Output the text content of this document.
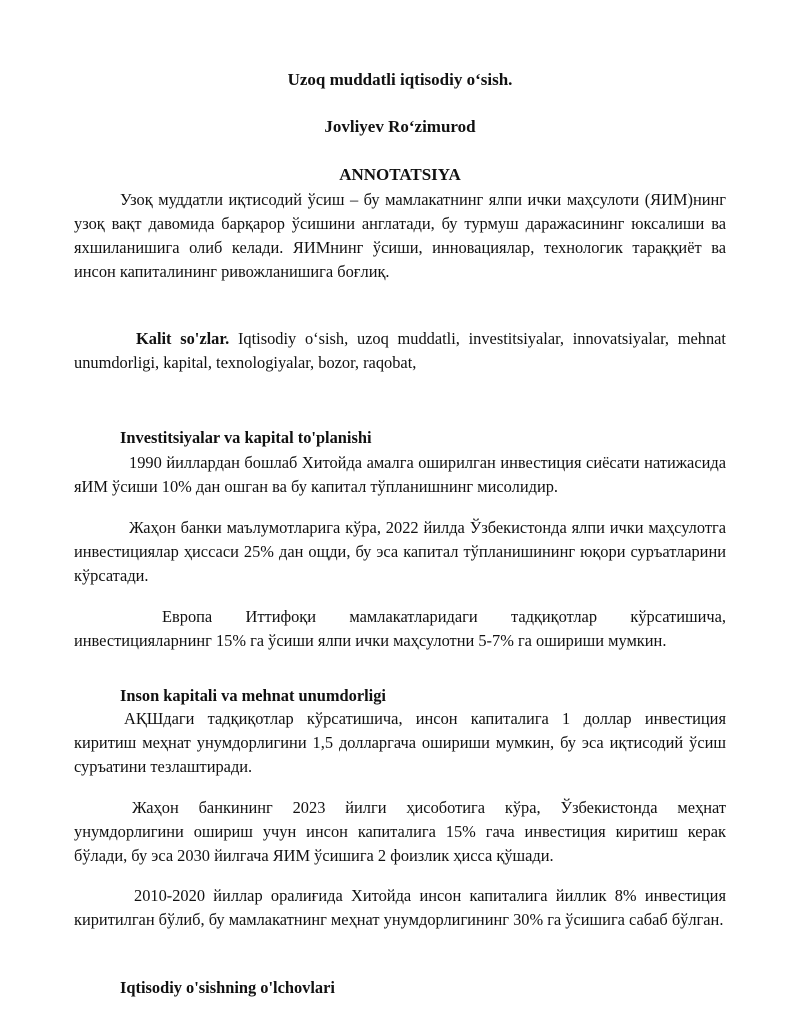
Uzoq muddatli iqtisodiy o‘sish.

Jovliyev Ro‘zimurod

ANNOTATSIYA

Узоқ муддатли иқтисодий ўсиш – бу мамлакатнинг ялпи ички маҳсулоти (ЯИМ)нинг узоқ вақт давомида барқарор ўсишини англатади, бу турмуш даражасининг юксалиши ва яхшиланишига олиб келади. ЯИМнинг ўсиши, инновациялар, технологик тараққиёт ва инсон капиталининг ривожланишига боғлиқ.

Kalit so'zlar. Iqtisodiy o‘sish, uzoq muddatli, investitsiyalar, innovatsiyalar, mehnat unumdorligi, kapital, texnologiyalar, bozor, raqobat,

Investitsiyalar va kapital to'planishi

1990 йиллардан бошлаб Хитойда амалга оширилган инвестиция сиёсати натижасида яИМ ўсиши 10% дан ошган ва бу капитал тўпланишнинг мисолидир.

Жаҳон банки маълумотларига кўра, 2022 йилда Ўзбекистонда ялпи ички маҳсулотга инвестициялар ҳиссаси 25% дан ощди, бу эса капитал тўпланишининг юқори суръатларини кўрсатади.

Европа Иттифоқи мамлакатларидаги тадқиқотлар кўрсатишича, инвестицияларнинг 15% га ўсиши ялпи ички маҳсулотни 5-7% га ошириши мумкин.

Inson kapitali va mehnat unumdorligi

АҚШдаги тадқиқотлар кўрсатишича, инсон капиталига 1 доллар инвестиция киритиш меҳнат унумдорлигини 1,5 долларгача ошириши мумкин, бу эса иқтисодий ўсиш суръатини тезлаштиради.

Жаҳон банкининг 2023 йилги ҳисоботига кўра, Ўзбекистонда меҳнат унумдорлигини ошириш учун инсон капиталига 15% гача инвестиция киритиш керак бўлади, бу эса 2030 йилгача ЯИМ ўсишига 2 фоизлик ҳисса қўшади.

2010-2020 йиллар оралиғида Хитойда инсон капиталига йиллик 8% инвестиция киритилган бўлиб, бу мамлакатнинг меҳнат унумдорлигининг 30% га ўсишига сабаб бўлган.

Iqtisodiy o'sishning o'lchovlari
